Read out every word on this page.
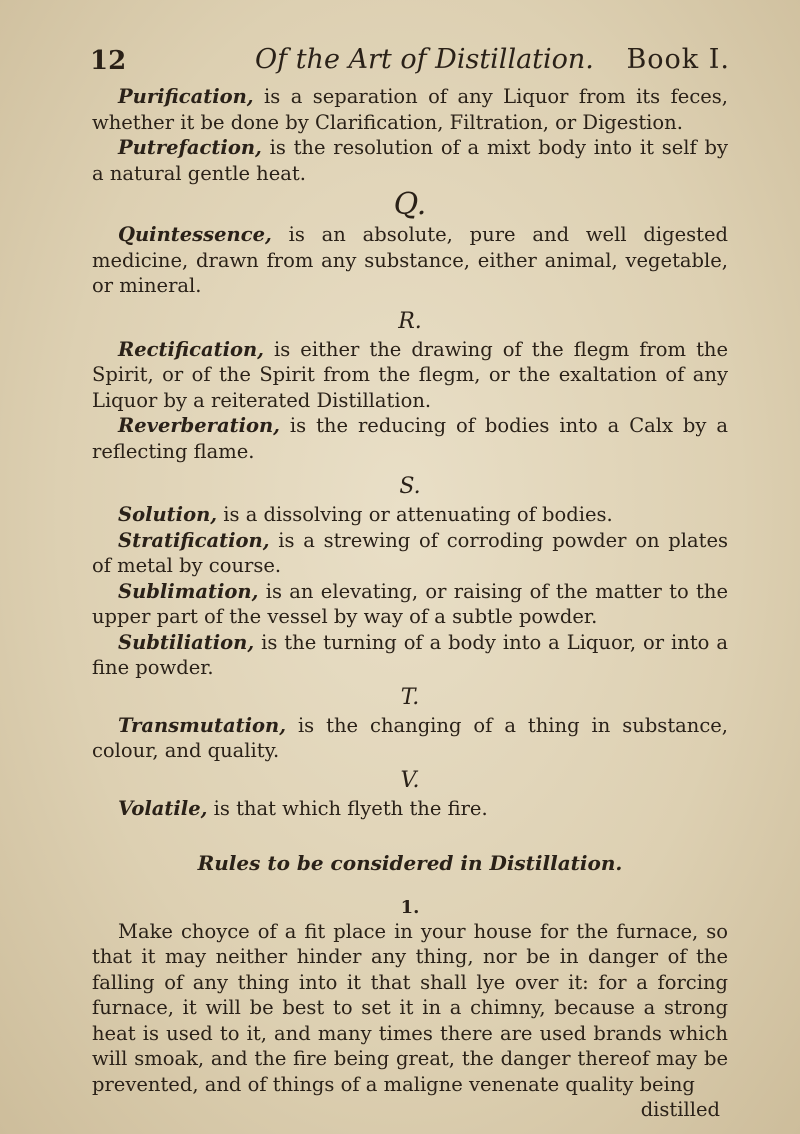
12	Of the Art of Distillation. Book I.

Purification, is a separation of any Liquor from its feces, whether it be done by Clarification, Filtration, or Digestion.

Putrefaction, is the resolution of a mixt body into it self by a natural gentle heat.

Q.

Quintessence, is an absolute, pure and well digested medicine, drawn from any substance, either animal, vegetable, or mineral.

R.

Rectification, is either the drawing of the flegm from the Spirit, or of the Spirit from the flegm, or the exaltation of any Liquor by a reiterated Distillation.

Reverberation, is the reducing of bodies into a Calx by a reflecting flame.

S.

Solution, is a dissolving or attenuating of bodies.

Stratification, is a strewing of corroding powder on plates of metal by course.

Sublimation, is an elevating, or raising of the matter to the upper part of the vessel by way of a subtle powder.

Subtiliation, is the turning of a body into a Liquor, or into a fine powder.

T.

Transmutation, is the changing of a thing in substance, colour, and quality.

V.

Volatile, is that which flyeth the fire.

Rules to be considered in Distillation.

1.

Make choyce of a fit place in your house for the furnace, so that it may neither hinder any thing, nor be in danger of the falling of any thing into it that shall lye over it: for a forcing furnace, it will be best to set it in a chimny, because a strong heat is used to it, and many times there are used brands which will smoak, and the fire being great, the danger thereof may be prevented, and of things of a maligne venenate quality being

distilled
